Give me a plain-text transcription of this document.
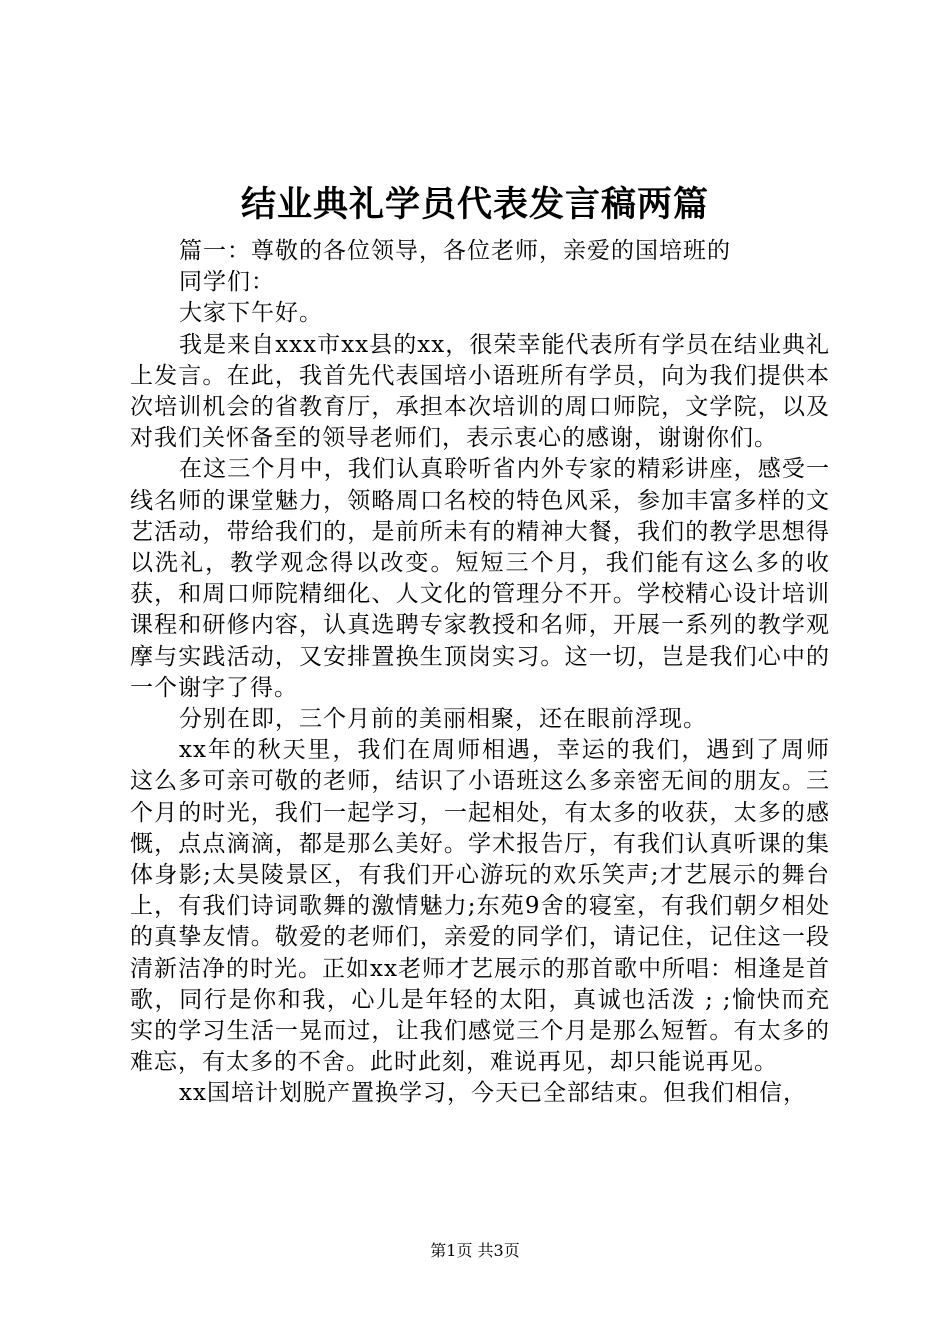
结业典礼学员代表发言稿两篇

篇一：尊敬的各位领导，各位老师，亲爱的国培班的

同学们：

大家下午好。

我是来自xxx市xx县的xx，很荣幸能代表所有学员在结业典礼上发言。在此，我首先代表国培小语班所有学员，向为我们提供本次培训机会的省教育厅，承担本次培训的周口师院，文学院，以及对我们关怀备至的领导老师们，表示衷心的感谢，谢谢你们。

在这三个月中，我们认真聆听省内外专家的精彩讲座，感受一线名师的课堂魅力，领略周口名校的特色风采，参加丰富多样的文艺活动，带给我们的，是前所未有的精神大餐，我们的教学思想得以洗礼，教学观念得以改变。短短三个月，我们能有这么多的收获，和周口师院精细化、人文化的管理分不开。学校精心设计培训课程和研修内容，认真选聘专家教授和名师，开展一系列的教学观摩与实践活动，又安排置换生顶岗实习。这一切，岂是我们心中的一个谢字了得。

分别在即，三个月前的美丽相聚，还在眼前浮现。

xx年的秋天里，我们在周师相遇，幸运的我们，遇到了周师这么多可亲可敬的老师，结识了小语班这么多亲密无间的朋友。三个月的时光，我们一起学习，一起相处，有太多的收获，太多的感慨，点点滴滴，都是那么美好。学术报告厅，有我们认真听课的集体身影;太昊陵景区，有我们开心游玩的欢乐笑声;才艺展示的舞台上，有我们诗词歌舞的激情魅力;东苑9舍的寝室，有我们朝夕相处的真挚友情。敬爱的老师们，亲爱的同学们，请记住，记住这一段清新洁净的时光。正如xx老师才艺展示的那首歌中所唱：相逢是首歌，同行是你和我，心儿是年轻的太阳，真诚也活泼 ; ;愉快而充实的学习生活一晃而过，让我们感觉三个月是那么短暂。有太多的难忘，有太多的不舍。此时此刻，难说再见，却只能说再见。

xx国培计划脱产置换学习，今天已全部结束。但我们相信，

第1页 共3页
